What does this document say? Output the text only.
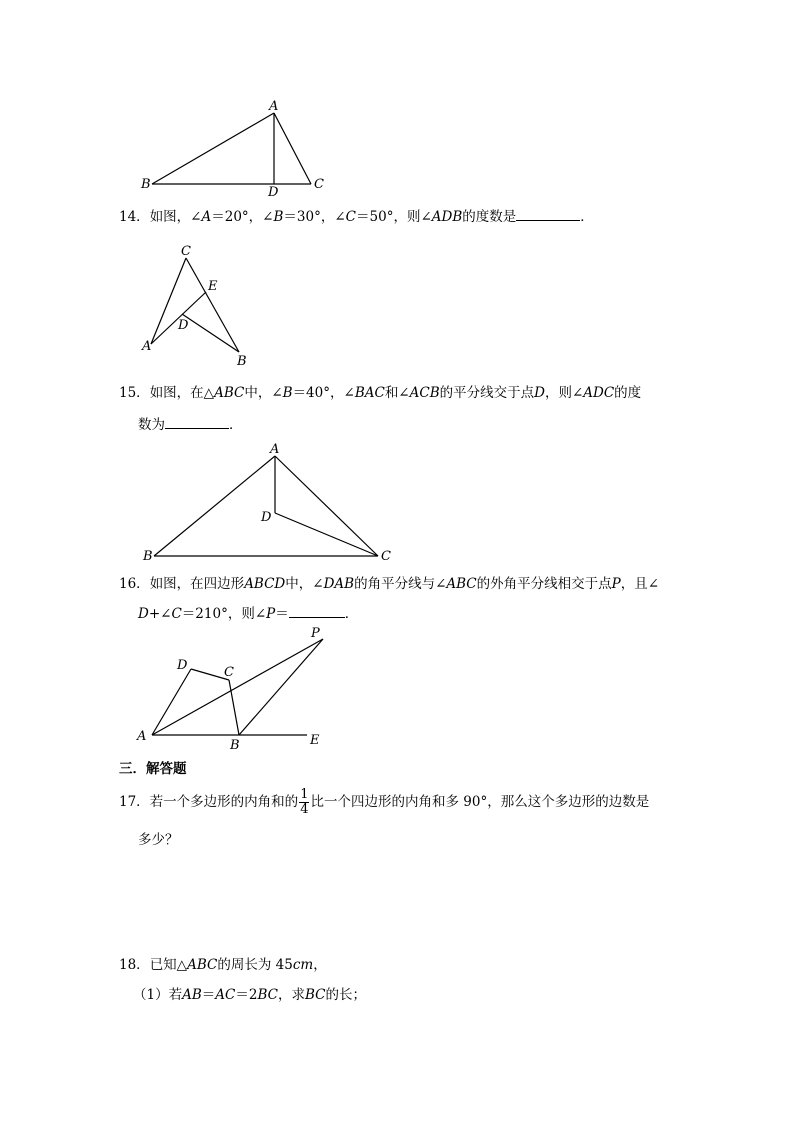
A
B
D
C
14．如图，∠A＝20°，∠B＝30°，∠C＝50°，则∠ADB的度数是	．
C
E
D
A
B
15．如图，在△ABC中，∠B＝40°，∠BAC和∠ACB的平分线交于点D，则∠ADC的度
数为	．
A
D
B	C
16．如图，在四边形ABCD中，∠DAB的角平分线与∠ABC的外角平分线相交于点P，且∠
D+∠C＝210°，则∠P＝	．
P
D	C
A
B	E
三．解答题
17． 若一个多边形的内角和的 $\frac{1}{4}$ 比一个四边形的内角和多 90°，那么这个多边形的边数是
多少？
18．已知△ABC的周长为 45cm，
（1）若AB＝AC＝2BC，求BC的长；
